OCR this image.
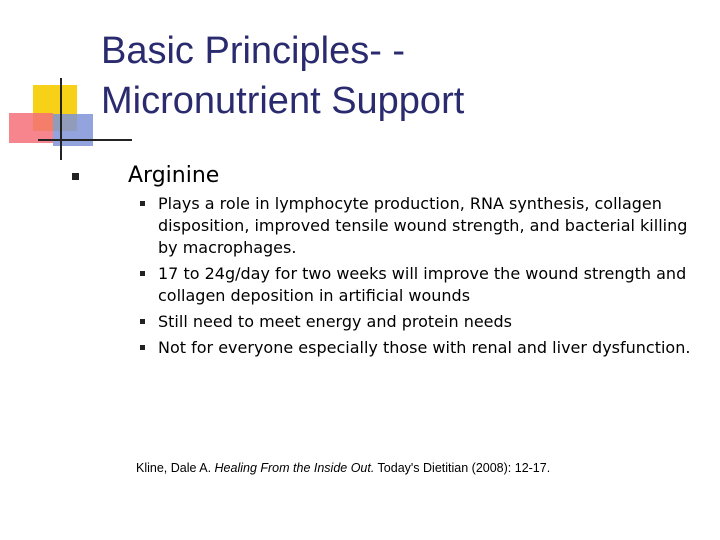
Basic Principles- -
Micronutrient Support
Arginine
Plays a role in lymphocyte production, RNA synthesis, collagen disposition, improved tensile wound strength, and bacterial killing by macrophages.
17 to 24g/day for two weeks will improve the wound strength and collagen deposition in artificial wounds
Still need to meet energy and protein needs
Not for everyone especially those with renal and liver dysfunction.
Kline, Dale A. Healing From the Inside Out. Today's Dietitian (2008): 12-17.
